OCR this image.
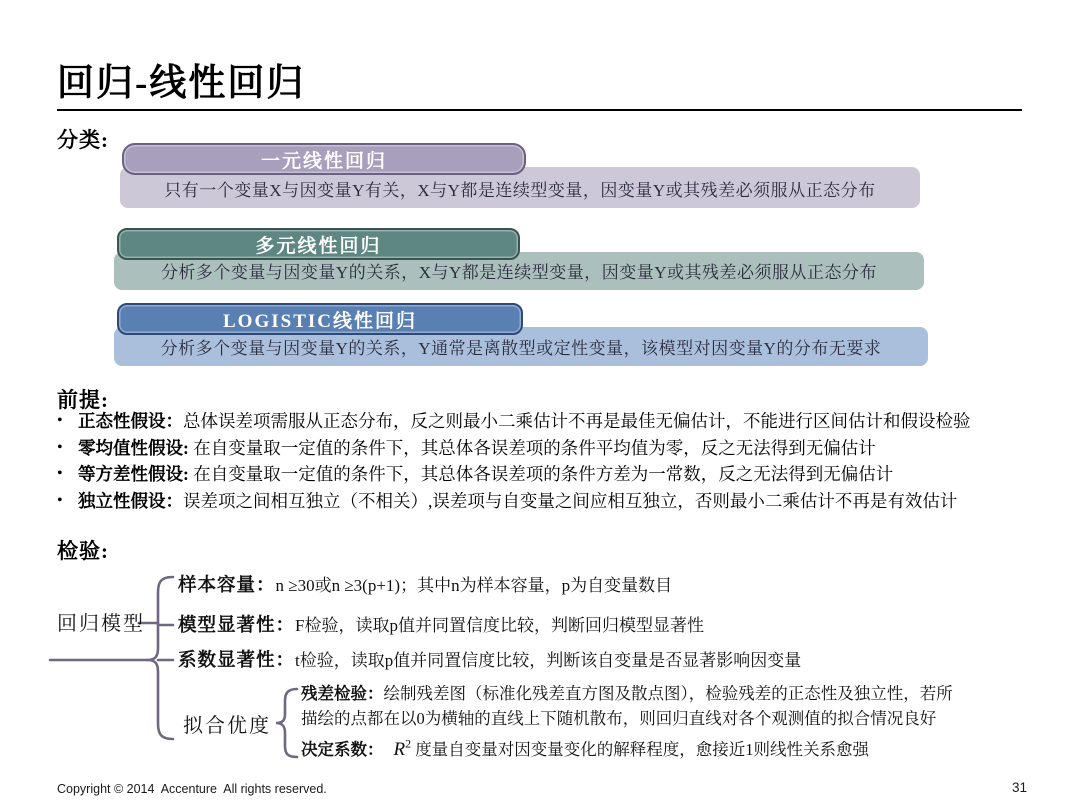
回归-线性回归
分类:
只有一个变量X与因变量Y有关，X与Y都是连续型变量，因变量Y或其残差必须服从正态分布
一元线性回归
分析多个变量与因变量Y的关系，X与Y都是连续型变量，因变量Y或其残差必须服从正态分布
多元线性回归
分析多个变量与因变量Y的关系，Y通常是离散型或定性变量，该模型对因变量Y的分布无要求
LOGISTIC线性回归
前提:
• 正态性假设：总体误差项需服从正态分布，反之则最小二乘估计不再是最佳无偏估计，不能进行区间估计和假设检验
• 零均值性假设: 在自变量取一定值的条件下，其总体各误差项的条件平均值为零，反之无法得到无偏估计
• 等方差性假设: 在自变量取一定值的条件下，其总体各误差项的条件方差为一常数，反之无法得到无偏估计
• 独立性假设：误差项之间相互独立（不相关）,误差项与自变量之间应相互独立，否则最小二乘估计不再是有效估计
检验:
回归模型
样本容量：n ≥30或n ≥3(p+1)；其中n为样本容量，p为自变量数目
模型显著性：F检验，读取p值并同置信度比较，判断回归模型显著性
系数显著性：t检验，读取p值并同置信度比较，判断该自变量是否显著影响因变量
拟合优度
残差检验：绘制残差图（标准化残差直方图及散点图），检验残差的正态性及独立性，若所描绘的点都在以0为横轴的直线上下随机散布，则回归直线对各个观测值的拟合情况良好
决定系数： $R^2$ 度量自变量对因变量变化的解释程度，愈接近1则线性关系愈强
Copyright © 2014  Accenture  All rights reserved.	31
